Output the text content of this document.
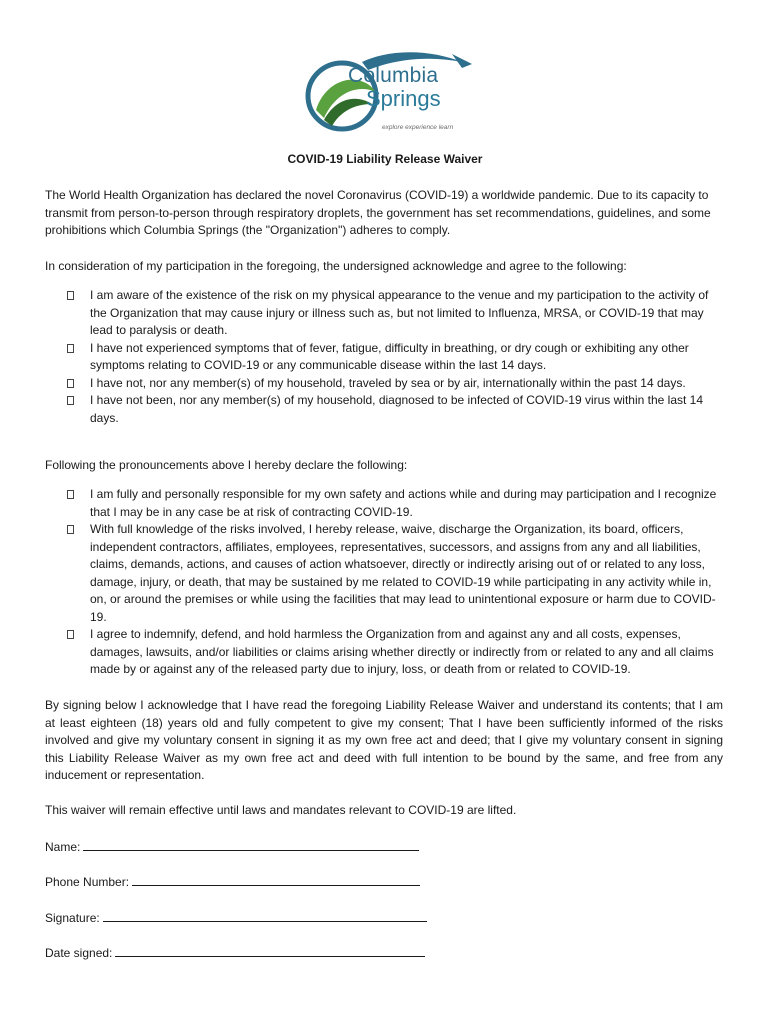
Columbia
Springs
explore experience learn
COVID-19 Liability Release Waiver

The World Health Organization has declared the novel Coronavirus (COVID-19) a worldwide pandemic. Due to its capacity to transmit from person-to-person through respiratory droplets, the government has set recommendations, guidelines, and some prohibitions which Columbia Springs (the "Organization") adheres to comply.

In consideration of my participation in the foregoing, the undersigned acknowledge and agree to the following:

I am aware of the existence of the risk on my physical appearance to the venue and my participation to the activity of the Organization that may cause injury or illness such as, but not limited to Influenza, MRSA, or COVID-19 that may lead to paralysis or death.
I have not experienced symptoms that of fever, fatigue, difficulty in breathing, or dry cough or exhibiting any other symptoms relating to COVID-19 or any communicable disease within the last 14 days.
I have not, nor any member(s) of my household, traveled by sea or by air, internationally within the past 14 days.
I have not been, nor any member(s) of my household, diagnosed to be infected of COVID-19 virus within the last 14 days.

Following the pronouncements above I hereby declare the following:

I am fully and personally responsible for my own safety and actions while and during may participation and I recognize that I may be in any case be at risk of contracting COVID-19.
With full knowledge of the risks involved, I hereby release, waive, discharge the Organization, its board, officers, independent contractors, affiliates, employees, representatives, successors, and assigns from any and all liabilities, claims, demands, actions, and causes of action whatsoever, directly or indirectly arising out of or related to any loss, damage, injury, or death, that may be sustained by me related to COVID-19 while participating in any activity while in, on, or around the premises or while using the facilities that may lead to unintentional exposure or harm due to COVID-19.
I agree to indemnify, defend, and hold harmless the Organization from and against any and all costs, expenses, damages, lawsuits, and/or liabilities or claims arising whether directly or indirectly from or related to any and all claims made by or against any of the released party due to injury, loss, or death from or related to COVID-19.

By signing below I acknowledge that I have read the foregoing Liability Release Waiver and understand its contents; that I am at least eighteen (18) years old and fully competent to give my consent; That I have been sufficiently informed of the risks involved and give my voluntary consent in signing it as my own free act and deed; that I give my voluntary consent in signing this Liability Release Waiver as my own free act and deed with full intention to be bound by the same, and free from any inducement or representation.

This waiver will remain effective until laws and mandates relevant to COVID-19 are lifted.

Name:
Phone Number:
Signature:
Date signed:
